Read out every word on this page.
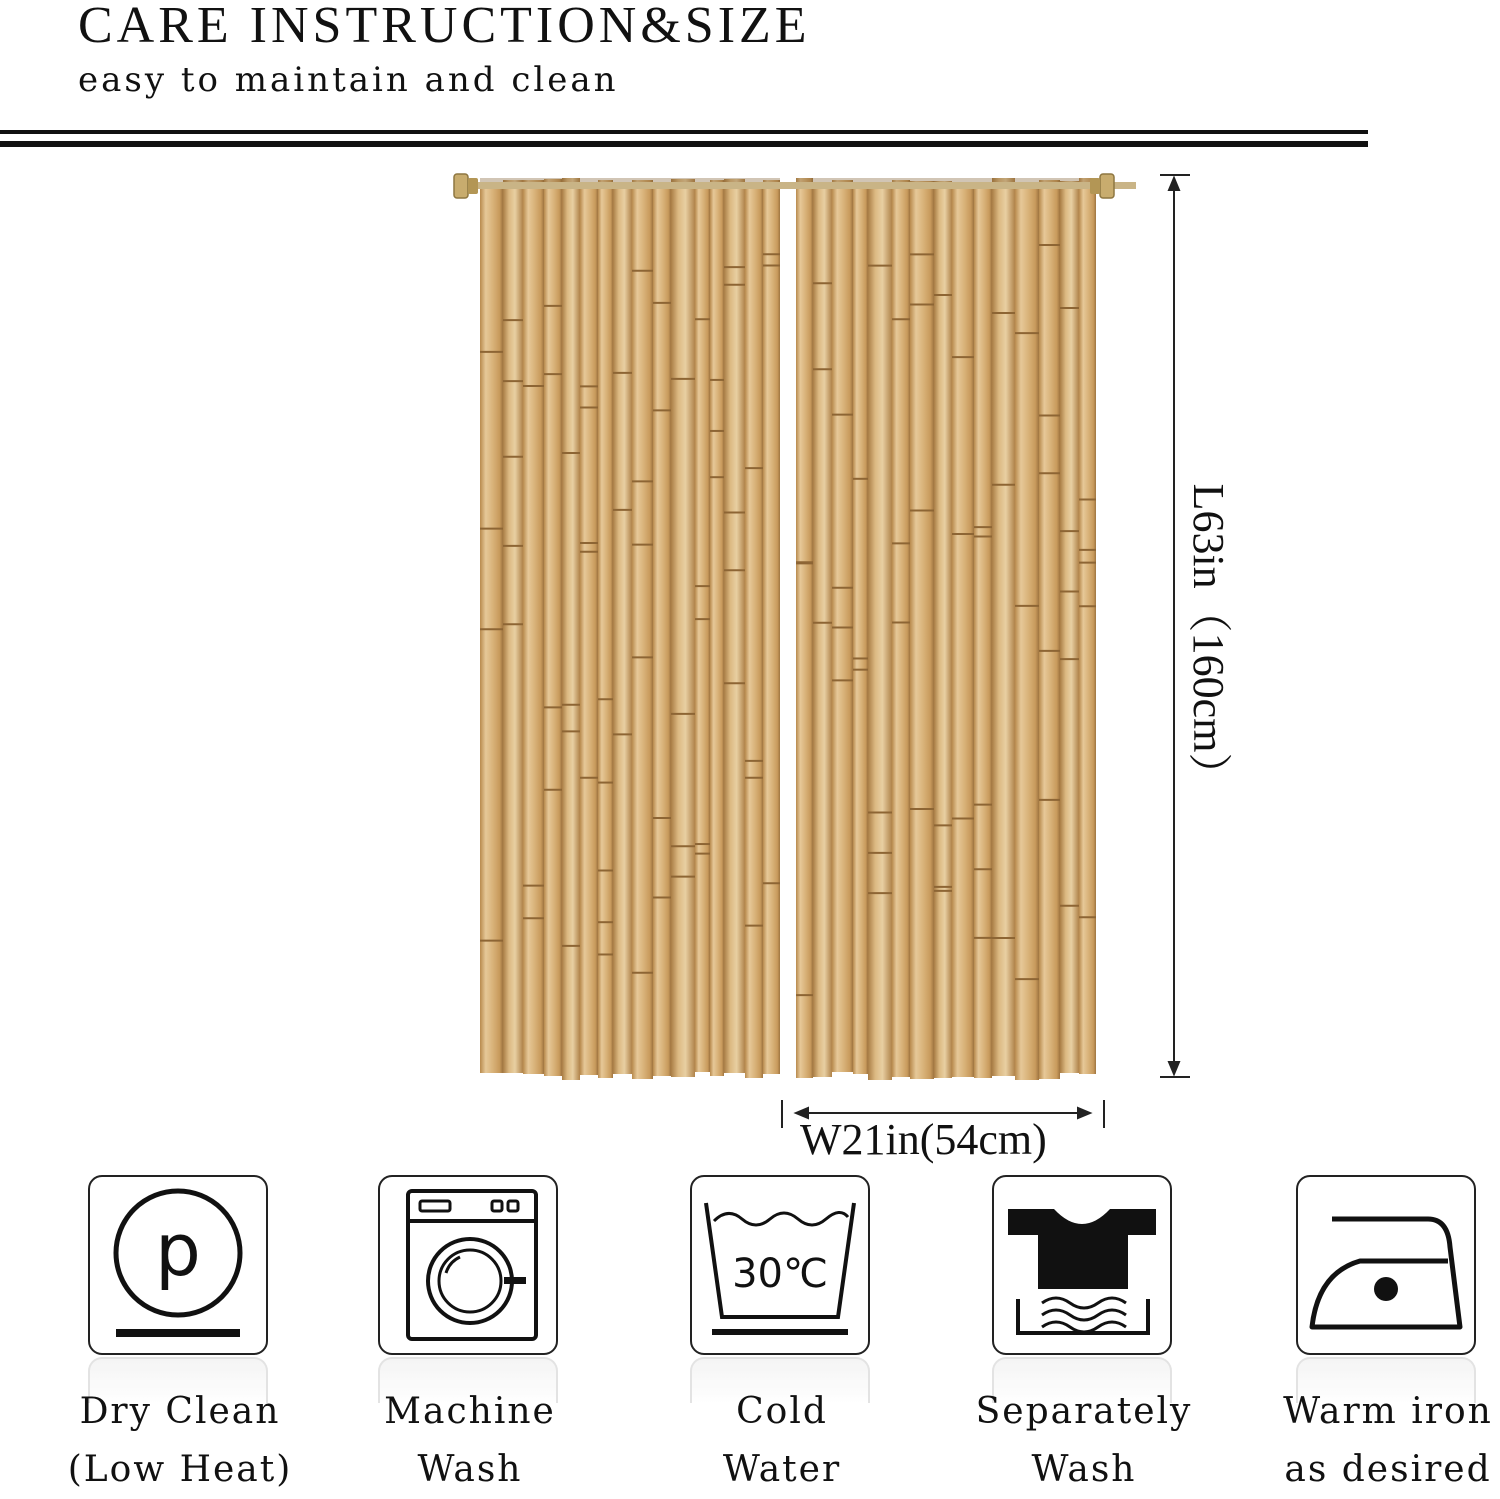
CARE INSTRUCTION&SIZE
easy to maintain and clean
L63in（160cm）
W21in(54cm)
p
Dry Clean
(Low Heat)
Machine
Wash
30℃
Cold
Water
Separately
Wash
Warm iron
as desired
